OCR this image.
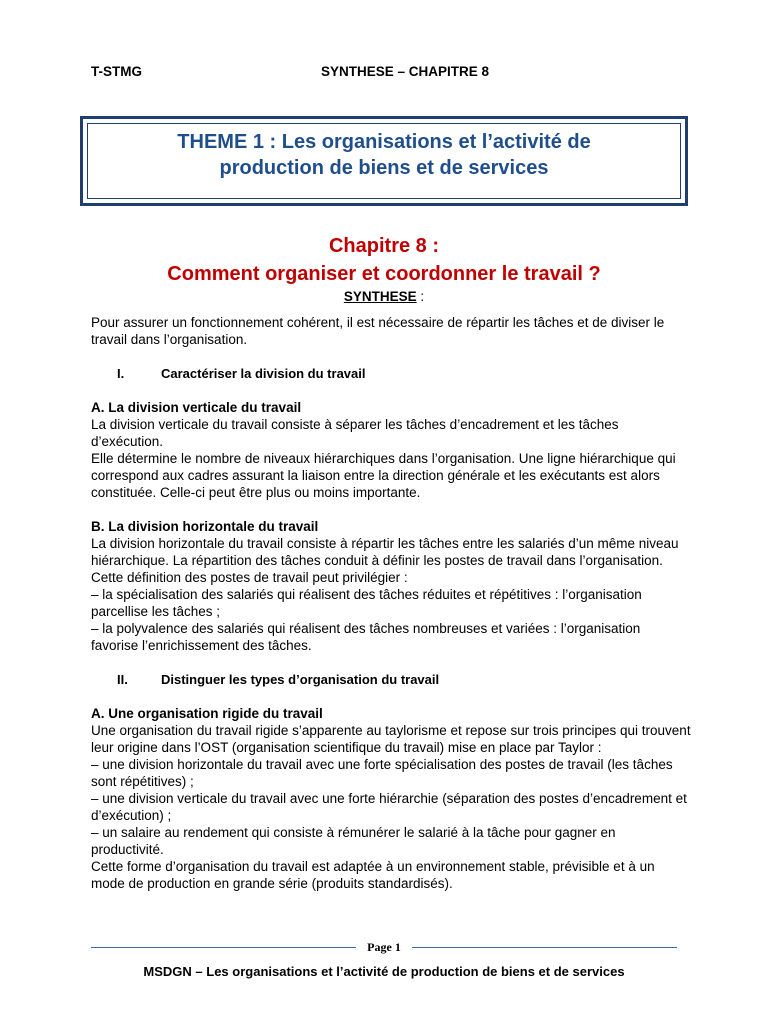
T-STMG	SYNTHESE – CHAPITRE 8
THEME 1 : Les organisations et l’activité de
production de biens et de services
Chapitre 8 :
Comment organiser et coordonner le travail ?
SYNTHESE :

Pour assurer un fonctionnement cohérent, il est nécessaire de répartir les tâches et de diviser le travail dans l’organisation.

I.	Caractériser la division du travail

A. La division verticale du travail

La division verticale du travail consiste à séparer les tâches d’encadrement et les tâches d’exécution.

Elle détermine le nombre de niveaux hiérarchiques dans l’organisation. Une ligne hiérarchique qui correspond aux cadres assurant la liaison entre la direction générale et les exécutants est alors constituée. Celle-ci peut être plus ou moins importante.

B. La division horizontale du travail

La division horizontale du travail consiste à répartir les tâches entre les salariés d’un même niveau hiérarchique. La répartition des tâches conduit à définir les postes de travail dans l’organisation.

Cette définition des postes de travail peut privilégier :

– la spécialisation des salariés qui réalisent des tâches réduites et répétitives : l’organisation parcellise les tâches ;

– la polyvalence des salariés qui réalisent des tâches nombreuses et variées : l’organisation favorise l’enrichissement des tâches.

II.	Distinguer les types d’organisation du travail

A. Une organisation rigide du travail

Une organisation du travail rigide s’apparente au taylorisme et repose sur trois principes qui trouvent leur origine dans l’OST (organisation scientifique du travail) mise en place par Taylor :

– une division horizontale du travail avec une forte spécialisation des postes de travail (les tâches sont répétitives) ;

– une division verticale du travail avec une forte hiérarchie (séparation des postes d’encadrement et d’exécution) ;

– un salaire au rendement qui consiste à rémunérer le salarié à la tâche pour gagner en productivité.

Cette forme d’organisation du travail est adaptée à un environnement stable, prévisible et à un mode de production en grande série (produits standardisés).

Page 1
MSDGN – Les organisations et l’activité de production de biens et de services
